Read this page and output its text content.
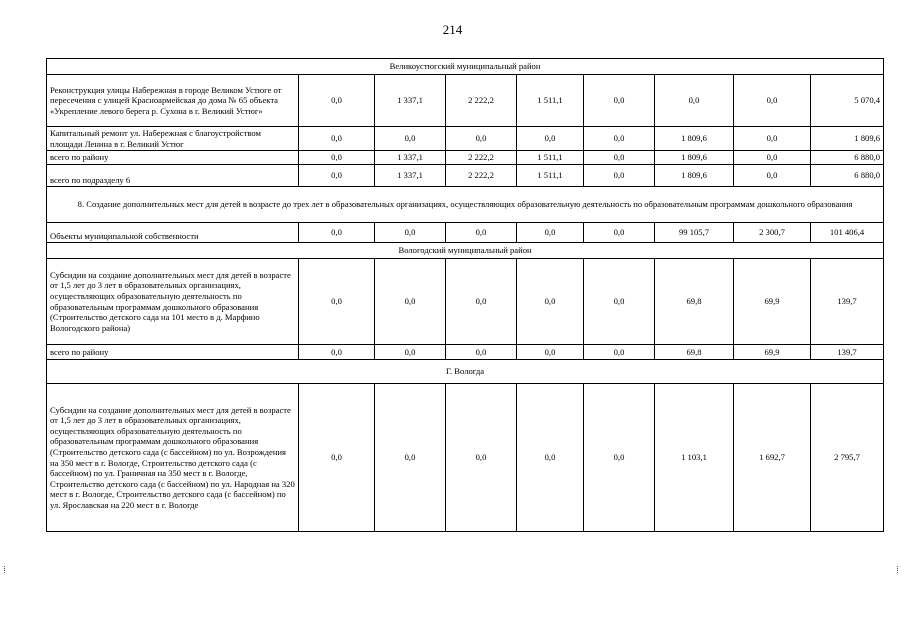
214
Великоустюгский муниципальный район								
Реконструкция улицы Набережная в городе Великом Устюге от пересечения с улицей Красноармейская до дома № 65 объекта «Укрепление левого берега р. Сухона в г. Великий Устюг»	0,0	1 337,1	2 222,2	1 511,1	0,0	0,0	0,0	5 070,4
Капитальный ремонт ул. Набережная с благоустройством площади Ленина в г. Великий Устюг	0,0	0,0	0,0	0,0	0,0	1 809,6	0,0	1 809,6
всего по району	0,0	1 337,1	2 222,2	1 511,1	0,0	1 809,6	0,0	6 880,0
всего по подразделу 6	0,0	1 337,1	2 222,2	1 511,1	0,0	1 809,6	0,0	6 880,0
8. Создание дополнительных мест для детей в возрасте до трех лет в образовательных организациях, осуществляющих образовательную деятельность по образовательным программам дошкольного образования								
Объекты муниципальной собственности	0,0	0,0	0,0	0,0	0,0	99 105,7	2 300,7	101 406,4
Вологодский муниципальный район								
Субсидии на создание дополнительных мест для детей в возрасте от 1,5 лет до 3 лет в образовательных организациях, осуществляющих образовательную деятельность по образовательным программам дошкольного образования (Строительство детского сада на 101 место в д. Марфино Вологодского района)	0,0	0,0	0,0	0,0	0,0	69,8	69,9	139,7
всего по району	0,0	0,0	0,0	0,0	0,0	69,8	69,9	139,7
Г. Вологда								
Субсидии на создание дополнительных мест для детей в возрасте от 1,5 лет до 3 лет в образовательных организациях, осуществляющих образовательную деятельность по образовательным программам дошкольного образования (Строительство детского сада (с бассейном) по ул. Возрождения на 350 мест в г. Вологде, Строительство детского сада (с бассейном) по ул. Граничная на 350 мест в г. Вологде, Строительство детского сада (с бассейном) по ул. Народная на 320 мест в г. Вологде, Строительство детского сада (с бассейном) по ул. Ярославская на 220 мест в г. Вологде	0,0	0,0	0,0	0,0	0,0	1 103,1	1 692,7	2 795,7
